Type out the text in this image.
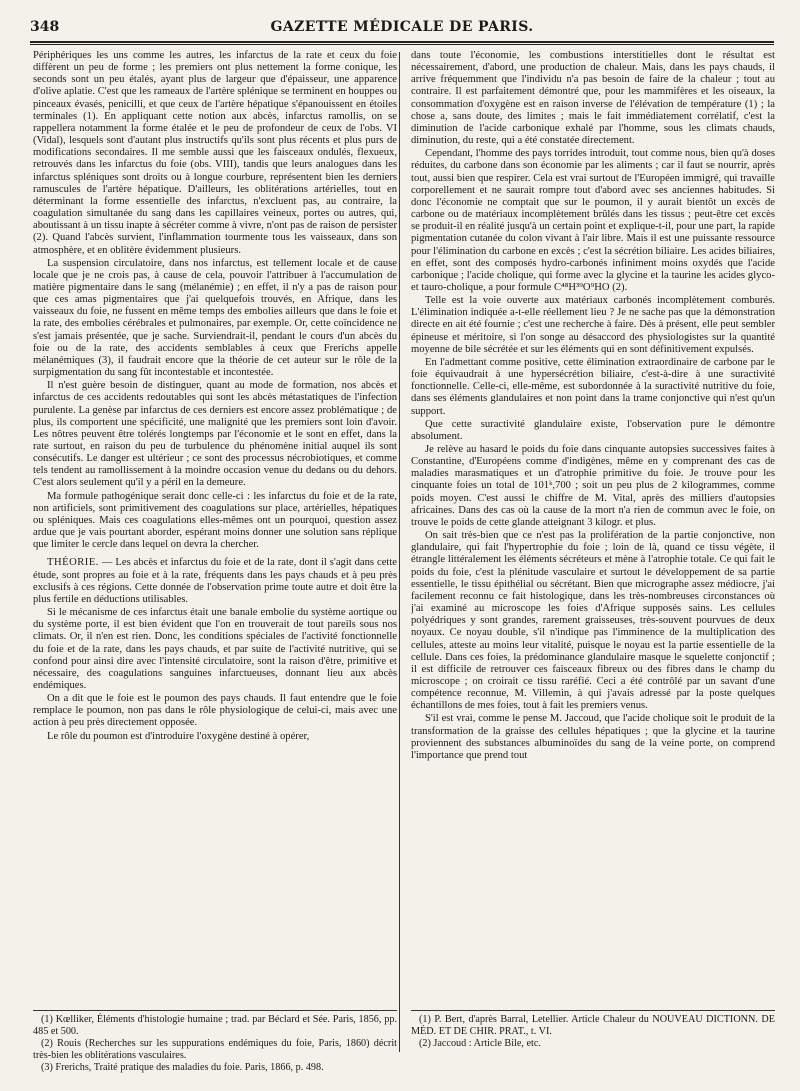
348	GAZETTE MÉDICALE DE PARIS.

Périphériques les uns comme les autres, les infarctus de la rate et ceux du foie diffèrent un peu de forme ; les premiers ont plus nettement la forme conique, les seconds sont un peu étalés, ayant plus de largeur que d'épaisseur, une apparence d'olive aplatie. C'est que les rameaux de l'artère splénique se terminent en houppes ou pinceaux évasés, penicilli, et que ceux de l'artère hépatique s'épanouissent en étoiles terminales (1). En appliquant cette notion aux abcès, infarctus ramollis, on se rappellera notamment la forme étalée et le peu de profondeur de ceux de l'obs. VI (Vidal), lesquels sont d'autant plus instructifs qu'ils sont plus récents et plus purs de modifications secondaires. Il me semble aussi que les faisceaux ondulés, flexueux, retrouvés dans les infarctus du foie (obs. VIII), tandis que leurs analogues dans les infarctus spléniques sont droits ou à longue courbure, représentent bien les derniers ramuscules de l'artère hépatique. D'ailleurs, les oblitérations artérielles, tout en déterminant la forme essentielle des infarctus, n'excluent pas, au contraire, la coagulation simultanée du sang dans les capillaires veineux, portes ou autres, qui, aboutissant à un tissu inapte à sécréter comme à vivre, n'ont pas de raison de persister (2). Quand l'abcès survient, l'inflammation tourmente tous les vaisseaux, dans son atmosphère, et en oblitère évidemment plusieurs.

La suspension circulatoire, dans nos infarctus, est tellement locale et de cause locale que je ne crois pas, à cause de cela, pouvoir l'attribuer à l'accumulation de matière pigmentaire dans le sang (mélanémie) ; en effet, il n'y a pas de raison pour que ces amas pigmentaires que j'ai quelquefois trouvés, en Afrique, dans les vaisseaux du foie, ne fussent en même temps des embolies ailleurs que dans le foie et la rate, des embolies cérébrales et pulmonaires, par exemple. Or, cette coïncidence ne s'est jamais présentée, que je sache. Surviendrait-il, pendant le cours d'un abcès du foie ou de la rate, des accidents semblables à ceux que Frerichs appelle mélanémiques (3), il faudrait encore que la théorie de cet auteur sur le rôle de la surpigmentation du sang fût incontestable et incontestée.

Il n'est guère besoin de distinguer, quant au mode de formation, nos abcès et infarctus de ces accidents redoutables qui sont les abcès métastatiques de l'infection purulente. La genèse par infarctus de ces derniers est encore assez problématique ; de plus, ils comportent une spécificité, une malignité que les premiers sont loin d'avoir. Les nôtres peuvent être tolérés longtemps par l'économie et le sont en effet, dans la rate surtout, en raison du peu de turbulence du phénomène initial auquel ils sont consécutifs. Le danger est ultérieur ; ce sont des processus nécrobiotiques, et comme tels tendent au ramollissement à la moindre occasion venue du dedans ou du dehors. C'est alors seulement qu'il y a péril en la demeure.

Ma formule pathogénique serait donc celle-ci : les infarctus du foie et de la rate, non artificiels, sont primitivement des coagulations sur place, artérielles, hépatiques ou spléniques. Mais ces coagulations elles-mêmes ont un pourquoi, question assez ardue que je vais pourtant aborder, espérant moins donner une solution sans réplique que limiter le cercle dans lequel on devra la chercher.

THÉORIE. — Les abcès et infarctus du foie et de la rate, dont il s'agit dans cette étude, sont propres au foie et à la rate, fréquents dans les pays chauds et à peu près exclusifs à ces régions. Cette donnée de l'observation prime toute autre et doit être la plus fertile en déductions utilisables.

Si le mécanisme de ces infarctus était une banale embolie du système aortique ou du système porte, il est bien évident que l'on en trouverait de tout pareils sous nos climats. Or, il n'en est rien. Donc, les conditions spéciales de l'activité fonctionnelle du foie et de la rate, dans les pays chauds, et par suite de l'activité nutritive, qui se confond pour ainsi dire avec l'intensité circulatoire, sont la raison d'être, primitive et nécessaire, des coagulations sanguines infarctueuses, donnant lieu aux abcès endémiques.

On a dit que le foie est le poumon des pays chauds. Il faut entendre que le foie remplace le poumon, non pas dans le rôle physiologique de celui-ci, mais avec une action à peu près directement opposée.

Le rôle du poumon est d'introduire l'oxygène destiné à opérer,

dans toute l'économie, les combustions interstitielles dont le résultat est nécessairement, d'abord, une production de chaleur. Mais, dans les pays chauds, il arrive fréquemment que l'individu n'a pas besoin de faire de la chaleur ; tout au contraire. Il est parfaitement démontré que, pour les mammifères et les oiseaux, la consommation d'oxygène est en raison inverse de l'élévation de température (1) ; la chose a, sans doute, des limites ; mais le fait immédiatement corrélatif, c'est la diminution de l'acide carbonique exhalé par l'homme, sous les climats chauds, diminution, du reste, qui a été constatée directement.

Cependant, l'homme des pays torrides introduit, tout comme nous, bien qu'à doses réduites, du carbone dans son économie par les aliments ; car il faut se nourrir, après tout, aussi bien que respirer. Cela est vrai surtout de l'Européen immigré, qui travaille corporellement et ne saurait rompre tout d'abord avec ses anciennes habitudes. Si donc l'économie ne comptait que sur le poumon, il y aurait bientôt un excès de carbone ou de matériaux incomplètement brûlés dans les tissus ; peut-être cet excès se produit-il en réalité jusqu'à un certain point et explique-t-il, pour une part, la rapide pigmentation cutanée du colon vivant à l'air libre. Mais il est une puissante ressource pour l'élimination du carbone en excès ; c'est la sécrétion biliaire. Les acides biliaires, en effet, sont des composés hydro-carbonés infiniment moins oxydés que l'acide carbonique ; l'acide cholique, qui forme avec la glycine et la taurine les acides glyco- et tauro-cholique, a pour formule C⁴⁸H³⁹O⁹HO (2).

Telle est la voie ouverte aux matériaux carbonés incomplètement comburés. L'élimination indiquée a-t-elle réellement lieu ? Je ne sache pas que la démonstration directe en ait été fournie ; c'est une recherche à faire. Dès à présent, elle peut sembler épineuse et méritoire, si l'on songe au désaccord des physiologistes sur la quantité moyenne de bile sécrétée et sur les éléments qui en sont définitivement expulsés.

En l'admettant comme positive, cette élimination extraordinaire de carbone par le foie équivaudrait à une hypersécrétion biliaire, c'est-à-dire à une suractivité fonctionnelle. Celle-ci, elle-même, est subordonnée à la suractivité nutritive du foie, dans ses éléments glandulaires et non point dans la trame conjonctive qui n'est qu'un support.

Que cette suractivité glandulaire existe, l'observation pure le démontre absolument.

Je relève au hasard le poids du foie dans cinquante autopsies successives faites à Constantine, d'Européens comme d'indigènes, même en y comprenant des cas de maladies marasmatiques et un d'atrophie primitive du foie. Je trouve pour les cinquante foies un total de 101ᵏ,700 ; soit un peu plus de 2 kilogrammes, comme poids moyen. C'est aussi le chiffre de M. Vital, après des milliers d'autopsies africaines. Dans des cas où la cause de la mort n'a rien de commun avec le foie, on trouve le poids de cette glande atteignant 3 kilogr. et plus.

On sait très-bien que ce n'est pas la prolifération de la partie conjonctive, non glandulaire, qui fait l'hypertrophie du foie ; loin de là, quand ce tissu végète, il étrangle littéralement les éléments sécréteurs et mène à l'atrophie totale. Ce qui fait le poids du foie, c'est la plénitude vasculaire et surtout le développement de sa partie essentielle, le tissu épithélial ou sécrétant. Bien que micrographe assez médiocre, j'ai facilement reconnu ce fait histologique, dans les très-nombreuses circonstances où j'ai examiné au microscope les foies d'Afrique supposés sains. Les cellules polyédriques y sont grandes, rarement graisseuses, très-souvent pourvues de deux noyaux. Ce noyau double, s'il n'indique pas l'imminence de la multiplication des cellules, atteste au moins leur vitalité, puisque le noyau est la partie essentielle de la cellule. Dans ces foies, la prédominance glandulaire masque le squelette conjonctif ; il est difficile de retrouver ces faisceaux fibreux ou des fibres dans le champ du microscope ; on croirait ce tissu raréfié. Ceci a été contrôlé par un savant d'une compétence reconnue, M. Villemin, à qui j'avais adressé par la poste quelques échantillons de mes foies, tout à fait les premiers venus.

S'il est vrai, comme le pense M. Jaccoud, que l'acide cholique soit le produit de la transformation de la graisse des cellules hépatiques ; que la glycine et la taurine proviennent des substances albuminoïdes du sang de la veine porte, on comprend l'importance que prend tout

(1) Kœlliker, Éléments d'histologie humaine ; trad. par Béclard et Sée. Paris, 1856, pp. 485 et 500.

(2) Rouis (Recherches sur les suppurations endémiques du foie, Paris, 1860) décrit très-bien les oblitérations vasculaires.

(3) Frerichs, Traité pratique des maladies du foie. Paris, 1866, p. 498.

(1) P. Bert, d'après Barral, Letellier. Article Chaleur du NOUVEAU DICTIONN. DE MÉD. ET DE CHIR. PRAT., t. VI.

(2) Jaccoud : Article Bile, etc.
